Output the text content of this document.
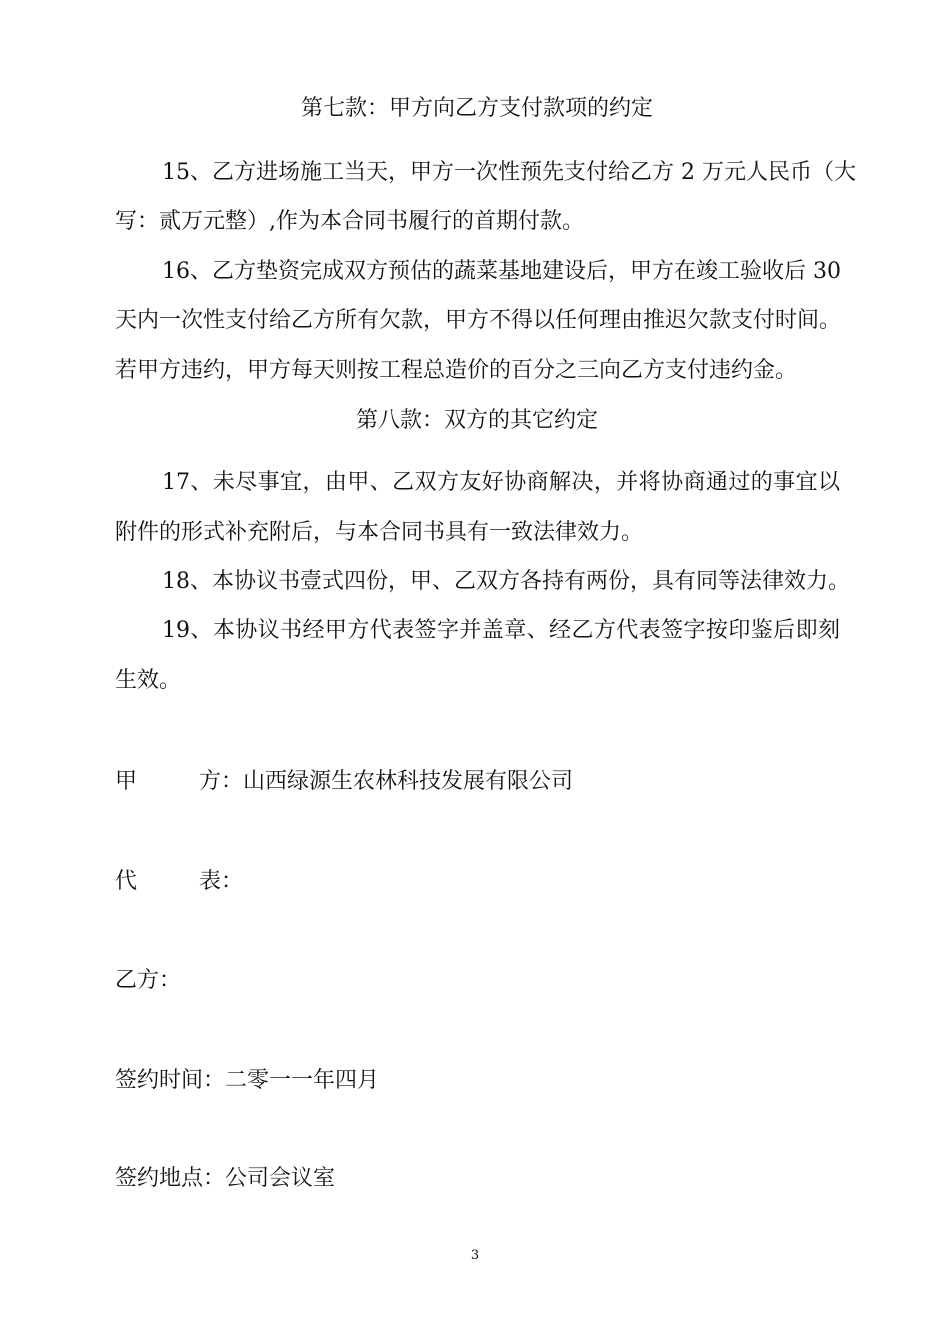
第七款：甲方向乙方支付款项的约定
15、乙方进场施工当天，甲方一次性预先支付给乙方 2 万元人民币（大
写：贰万元整）,作为本合同书履行的首期付款。
16、乙方垫资完成双方预估的蔬菜基地建设后，甲方在竣工验收后 30
天内一次性支付给乙方所有欠款，甲方不得以任何理由推迟欠款支付时间。
若甲方违约，甲方每天则按工程总造价的百分之三向乙方支付违约金。
第八款：双方的其它约定
17、未尽事宜，由甲、乙双方友好协商解决，并将协商通过的事宜以
附件的形式补充附后，与本合同书具有一致法律效力。
18、本协议书壹式四份，甲、乙双方各持有两份，具有同等法律效力。
19、本协议书经甲方代表签字并盖章、经乙方代表签字按印鉴后即刻
生效。
甲方：山西绿源生农林科技发展有限公司
代表：
乙方：
签约时间：二零一一年四月
签约地点：公司会议室
3
